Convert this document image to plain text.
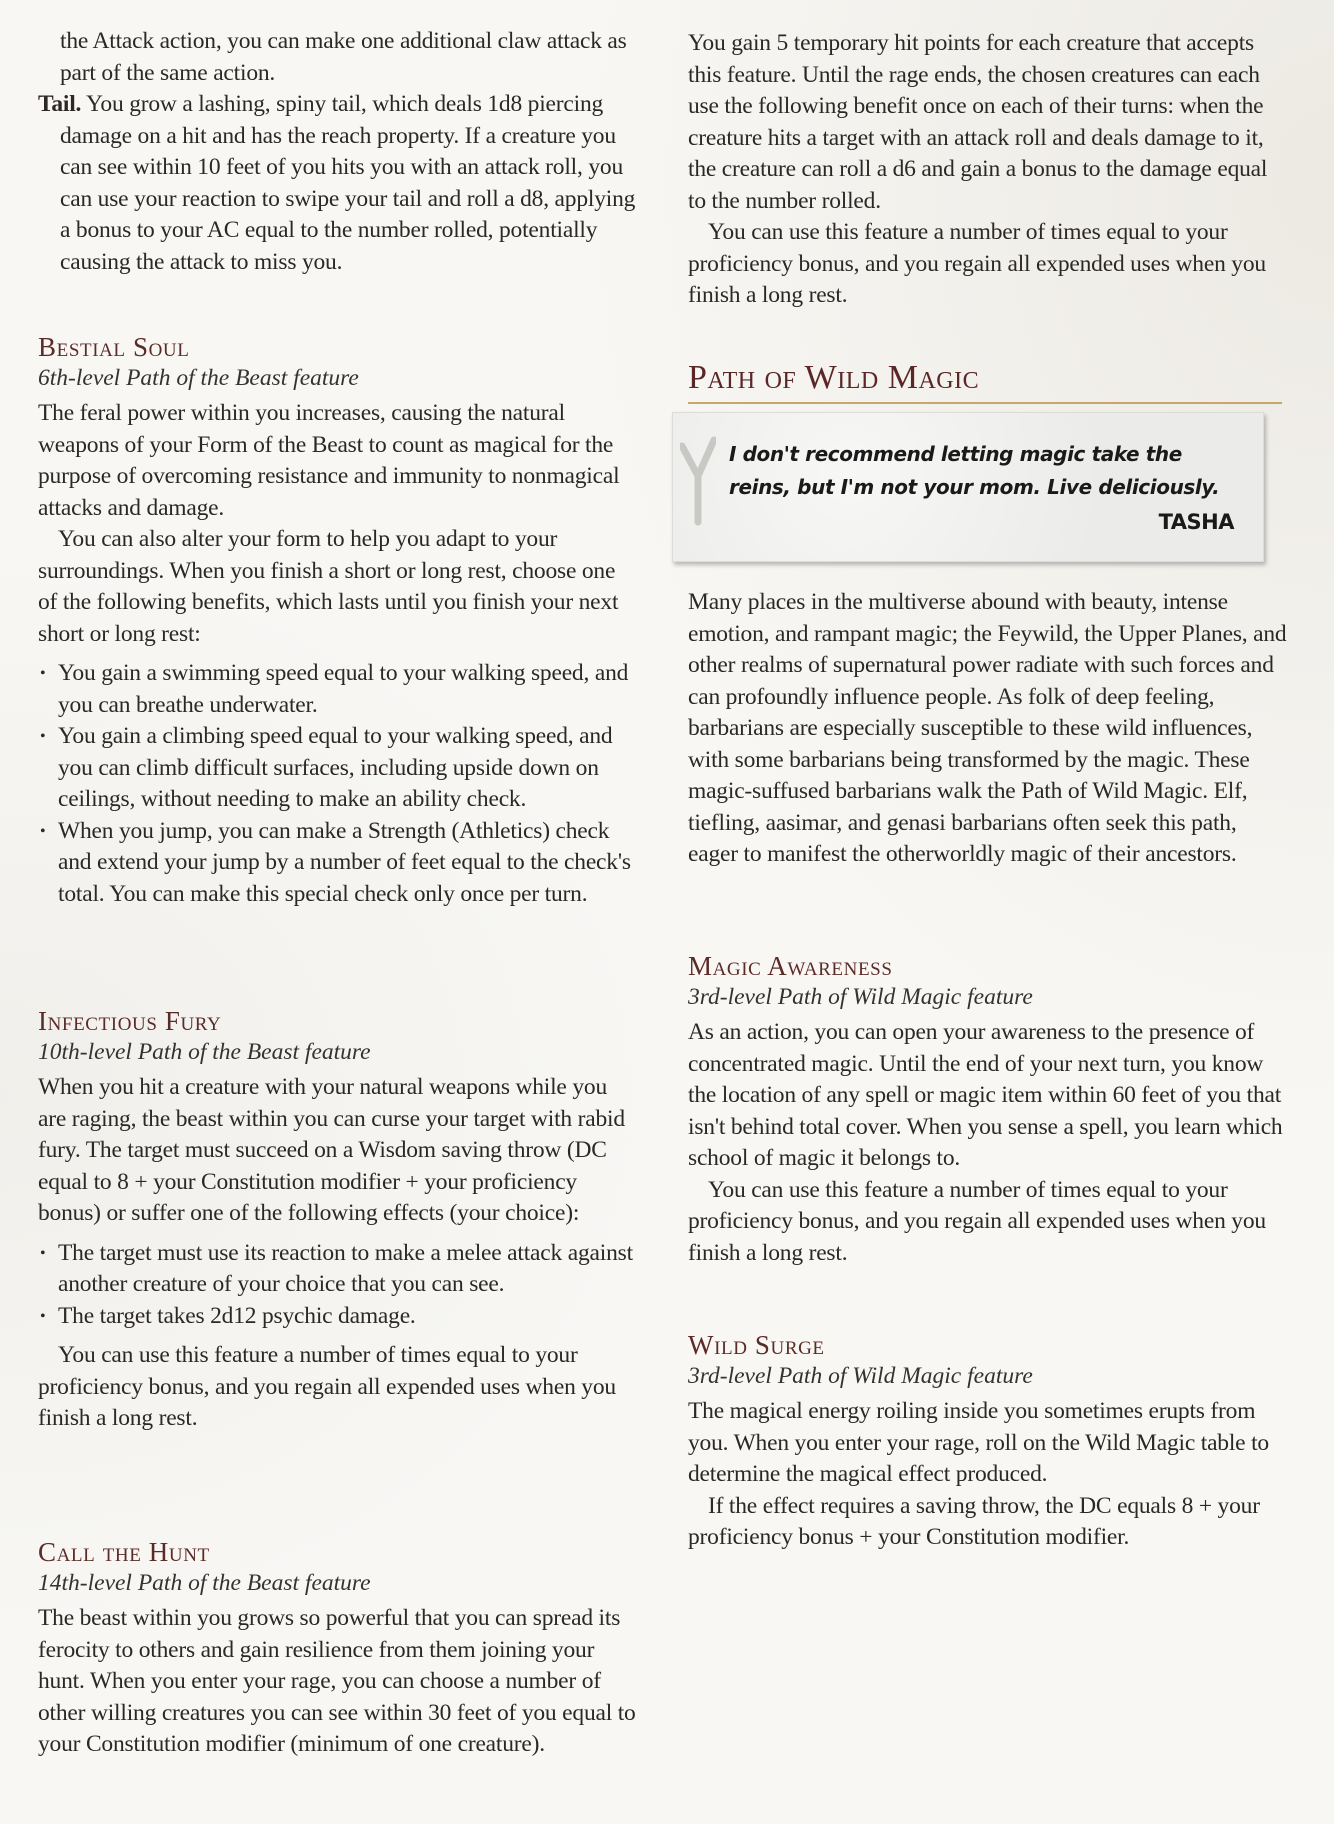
the Attack action, you can make one additional claw attack as part of the same action.

Tail. You grow a lashing, spiny tail, which deals 1d8 piercing damage on a hit and has the reach property. If a creature you can see within 10 feet of you hits you with an attack roll, you can use your reaction to swipe your tail and roll a d8, applying a bonus to your AC equal to the number rolled, potentially causing the attack to miss you.

Bestial Soul
6th-level Path of the Beast feature

The feral power within you increases, causing the natural weapons of your Form of the Beast to count as magical for the purpose of overcoming resistance and immunity to nonmagical attacks and damage.

You can also alter your form to help you adapt to your surroundings. When you finish a short or long rest, choose one of the following benefits, which lasts until you finish your next short or long rest:

• You gain a swimming speed equal to your walking speed, and you can breathe underwater.
• You gain a climbing speed equal to your walking speed, and you can climb difficult surfaces, including upside down on ceilings, without needing to make an ability check.
• When you jump, you can make a Strength (Athletics) check and extend your jump by a number of feet equal to the check's total. You can make this special check only once per turn.
Infectious Fury
10th-level Path of the Beast feature

When you hit a creature with your natural weapons while you are raging, the beast within you can curse your target with rabid fury. The target must succeed on a Wisdom saving throw (DC equal to 8 + your Constitution modifier + your proficiency bonus) or suffer one of the following effects (your choice):

• The target must use its reaction to make a melee attack against another creature of your choice that you can see.
• The target takes 2d12 psychic damage.

You can use this feature a number of times equal to your proficiency bonus, and you regain all expended uses when you finish a long rest.

Call the Hunt
14th-level Path of the Beast feature

The beast within you grows so powerful that you can spread its ferocity to others and gain resilience from them joining your hunt. When you enter your rage, you can choose a number of other willing creatures you can see within 30 feet of you equal to your Constitution modifier (minimum of one creature).

You gain 5 temporary hit points for each creature that accepts this feature. Until the rage ends, the chosen creatures can each use the following benefit once on each of their turns: when the creature hits a target with an attack roll and deals damage to it, the creature can roll a d6 and gain a bonus to the damage equal to the number rolled.

You can use this feature a number of times equal to your proficiency bonus, and you regain all expended uses when you finish a long rest.

Path of Wild Magic

Many places in the multiverse abound with beauty, intense emotion, and rampant magic; the Feywild, the Upper Planes, and other realms of supernatural power radiate with such forces and can profoundly influence people. As folk of deep feeling, barbarians are especially susceptible to these wild influences, with some barbarians being transformed by the magic. These magic-suffused barbarians walk the Path of Wild Magic. Elf, tiefling, aasimar, and genasi barbarians often seek this path, eager to manifest the otherworldly magic of their ancestors.

Magic Awareness
3rd-level Path of Wild Magic feature

As an action, you can open your awareness to the presence of concentrated magic. Until the end of your next turn, you know the location of any spell or magic item within 60 feet of you that isn't behind total cover. When you sense a spell, you learn which school of magic it belongs to.

You can use this feature a number of times equal to your proficiency bonus, and you regain all expended uses when you finish a long rest.

Wild Surge
3rd-level Path of Wild Magic feature

The magical energy roiling inside you sometimes erupts from you. When you enter your rage, roll on the Wild Magic table to determine the magical effect produced.

If the effect requires a saving throw, the DC equals 8 + your proficiency bonus + your Constitution modifier.

I don't recommend letting magic take the reins, but I'm not your mom. Live deliciously.
TASHA
